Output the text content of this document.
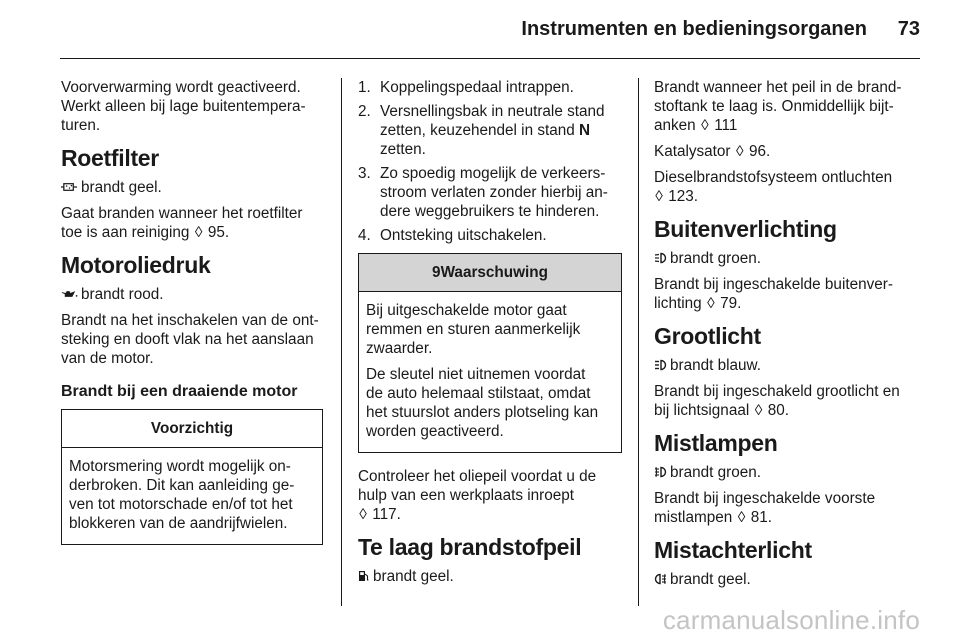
Instrumenten en bedieningsorganen 73

Voorverwarming wordt geactiveerd.
Werkt alleen bij lage buitentempera-
turen.

Roetfilter

brandt geel.

Gaat branden wanneer het roetfilter
toe is aan reiniging ◊ 95.

Motoroliedruk

brandt rood.

Brandt na het inschakelen van de ont-
steking en dooft vlak na het aanslaan
van de motor.

Brandt bij een draaiende motor
Voorzichtig

Motorsmering wordt mogelijk on-
derbroken. Dit kan aanleiding ge-
ven tot motorschade en/of tot het
blokkeren van de aandrijfwielen.

1. Koppelingspedaal intrappen.
2. Versnellingsbak in neutrale stand
zetten, keuzehendel in stand N
zetten.
3. Zo spoedig mogelijk de verkeers-
stroom verlaten zonder hierbij an-
dere weggebruikers te hinderen.
4. Ontsteking uitschakelen.
9Waarschuwing

Bij uitgeschakelde motor gaat
remmen en sturen aanmerkelijk
zwaarder.

De sleutel niet uitnemen voordat
de auto helemaal stilstaat, omdat
het stuurslot anders plotseling kan
worden geactiveerd.

Controleer het oliepeil voordat u de
hulp van een werkplaats inroept
◊ 117.

Te laag brandstofpeil

brandt geel.

Brandt wanneer het peil in de brand-
stoftank te laag is. Onmiddellijk bijt-
anken ◊ 111

Katalysator ◊ 96.

Dieselbrandstofsysteem ontluchten
◊ 123.

Buitenverlichting

brandt groen.

Brandt bij ingeschakelde buitenver-
lichting ◊ 79.

Grootlicht

brandt blauw.

Brandt bij ingeschakeld grootlicht en
bij lichtsignaal ◊ 80.

Mistlampen

brandt groen.

Brandt bij ingeschakelde voorste
mistlampen ◊ 81.

Mistachterlicht

brandt geel.

carmanualsonline.info
